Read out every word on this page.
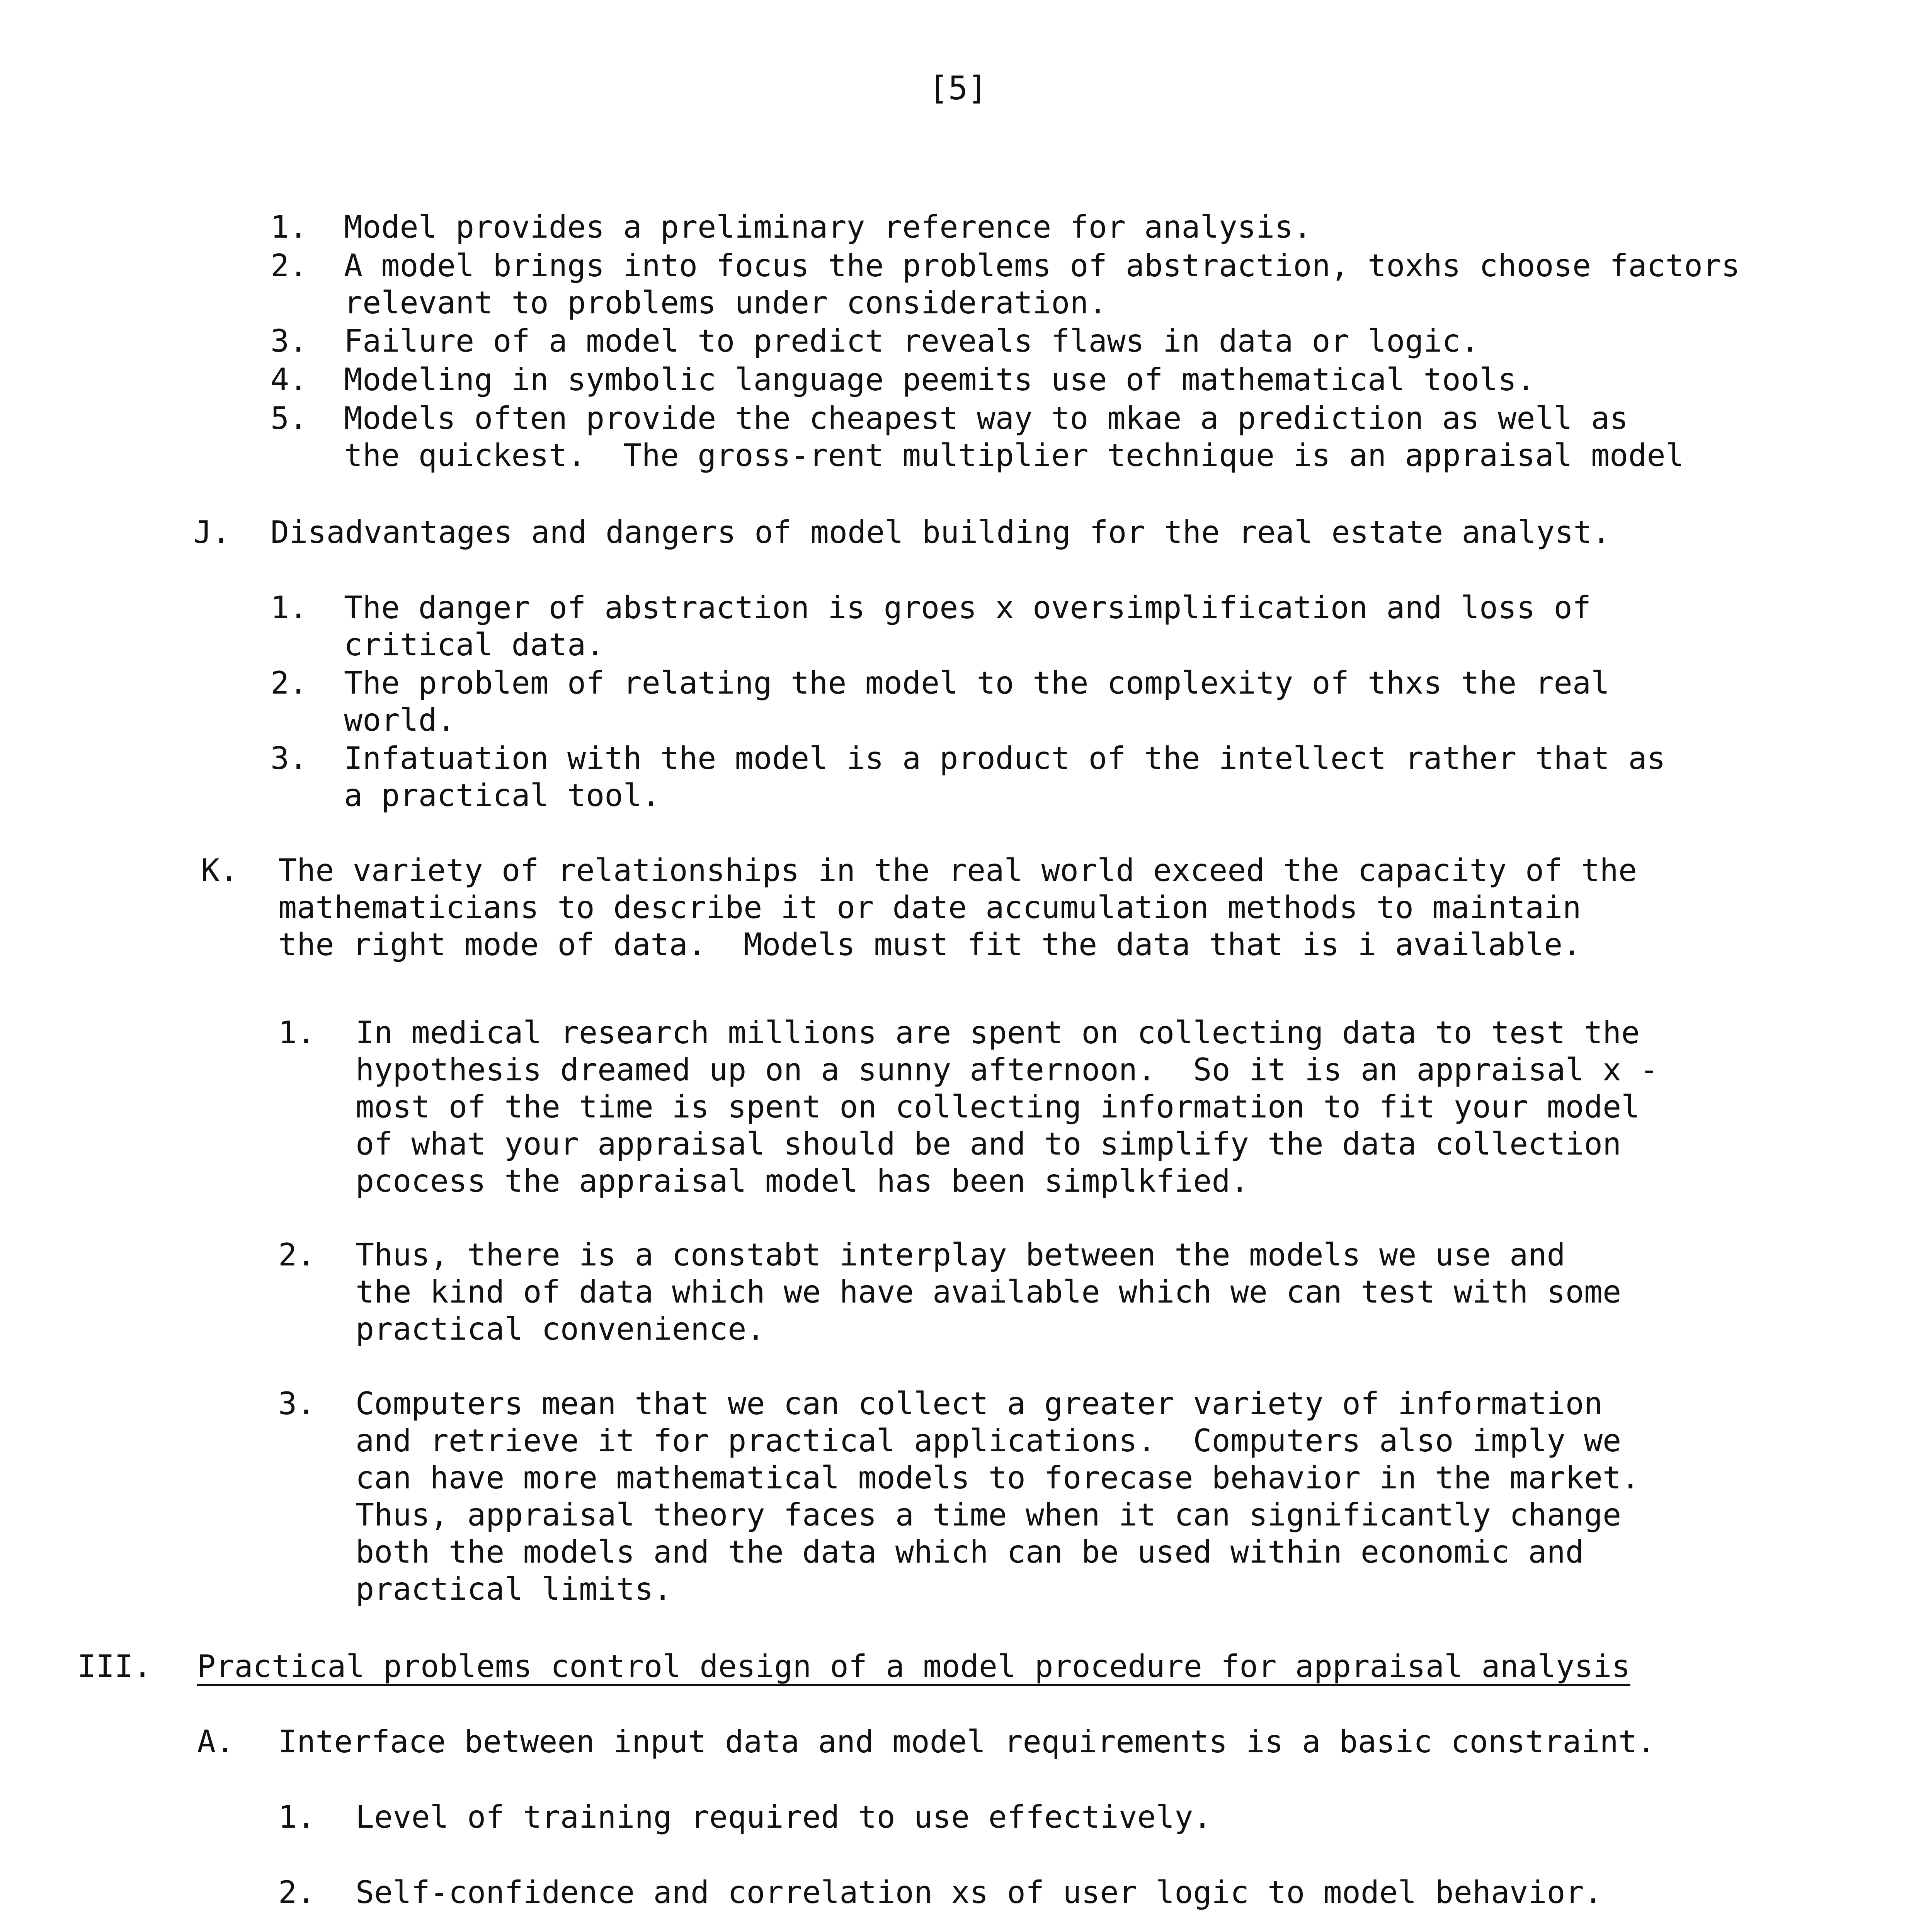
[5]
1. Model provides a preliminary reference for analysis.
2. A model brings into focus the problems of abstraction, toxhs choose factors
relevant to problems under consideration.
3. Failure of a model to predict reveals flaws in data or logic.
4. Modeling in symbolic language peemits use of mathematical tools.
5. Models often provide the cheapest way to mkae a prediction as well as
the quickest.  The gross-rent multiplier technique is an appraisal model
J. Disadvantages and dangers of model building for the real estate analyst.
1. The danger of abstraction is groes x oversimplification and loss of
critical data.
2. The problem of relating the model to the complexity of thxs the real
world.
3. Infatuation with the model is a product of the intellect rather that as
a practical tool.
K. The variety of relationships in the real world exceed the capacity of the
mathematicians to describe it or date accumulation methods to maintain
the right mode of data.  Models must fit the data that is i available.
1. In medical research millions are spent on collecting data to test the
hypothesis dreamed up on a sunny afternoon.  So it is an appraisal x -
most of the time is spent on collecting information to fit your model
of what your appraisal should be and to simplify the data collection
pcocess the appraisal model has been simplkfied.
2. Thus, there is a constabt interplay between the models we use and
the kind of data which we have available which we can test with some
practical convenience.
3. Computers mean that we can collect a greater variety of information
and retrieve it for practical applications.  Computers also imply we
can have more mathematical models to forecase behavior in the market.
Thus, appraisal theory faces a time when it can significantly change
both the models and the data which can be used within economic and
practical limits.
III. Practical problems control design of a model procedure for appraisal analysis
A. Interface between input data and model requirements is a basic constraint.
1. Level of training required to use effectively.
2. Self-confidence and correlation xs of user logic to model behavior.
